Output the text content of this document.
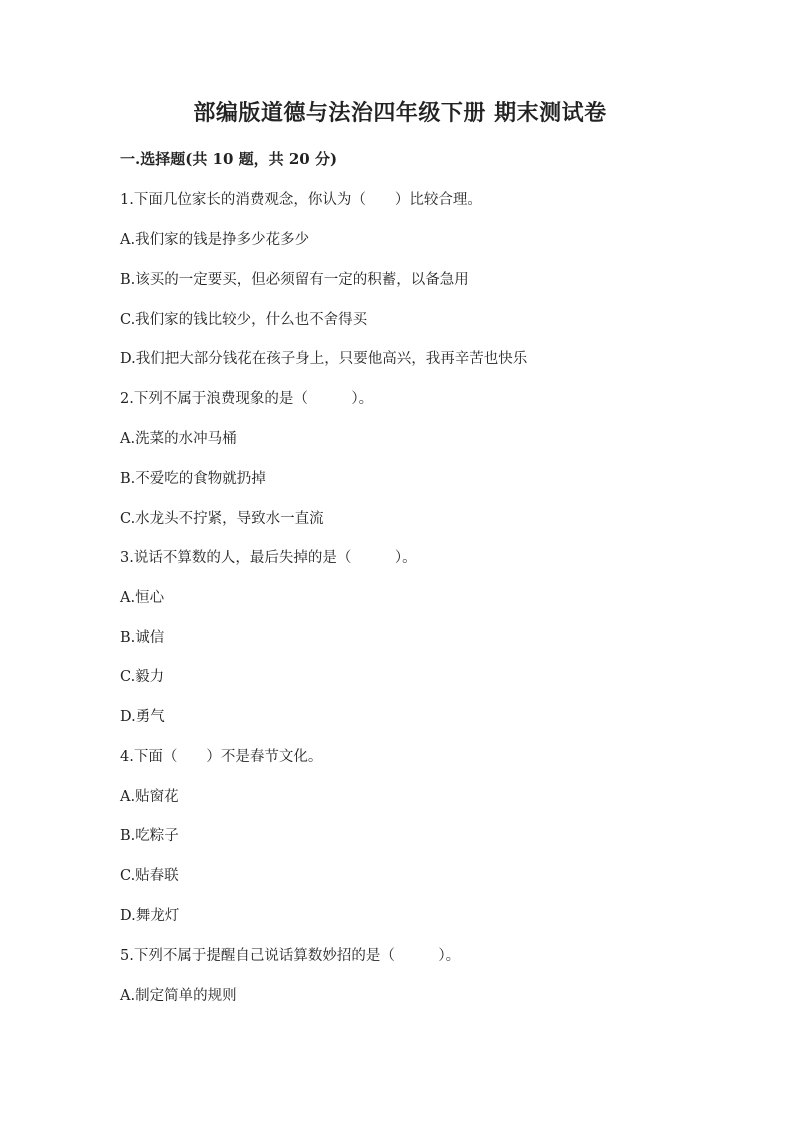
部编版道德与法治四年级下册 期末测试卷
一.选择题(共 10 题，共 20 分)
1.下面几位家长的消费观念，你认为（　　）比较合理。
A.我们家的钱是挣多少花多少
B.该买的一定要买，但必须留有一定的积蓄，以备急用
C.我们家的钱比较少，什么也不舍得买
D.我们把大部分钱花在孩子身上，只要他高兴，我再辛苦也快乐
2.下列不属于浪费现象的是（　　　）。
A.洗菜的水冲马桶
B.不爱吃的食物就扔掉
C.水龙头不拧紧，导致水一直流
3.说话不算数的人，最后失掉的是（　　　）。
A.恒心
B.诚信
C.毅力
D.勇气
4.下面（　　）不是春节文化。
A.贴窗花
B.吃粽子
C.贴春联
D.舞龙灯
5.下列不属于提醒自己说话算数妙招的是（　　　）。
A.制定简单的规则
